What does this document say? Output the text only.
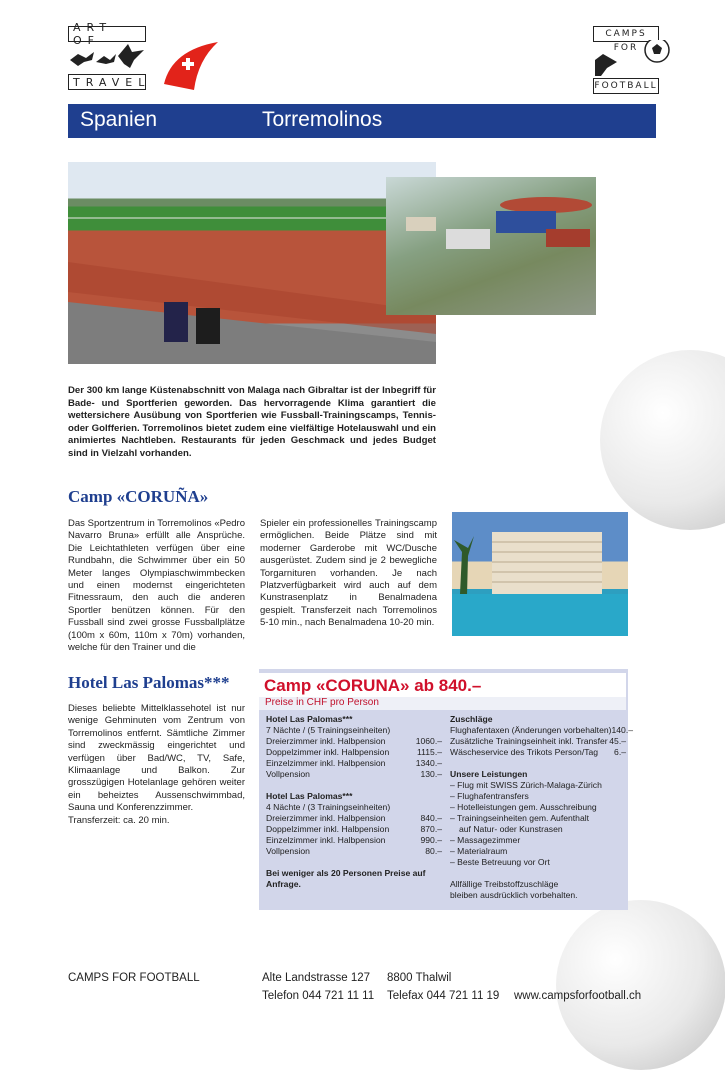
ART OF
TRAVEL
CAMPS FOR
FOOTBALL
Spanien	Torremolinos

Der 300 km lange Küstenabschnitt von Malaga nach Gibraltar ist der Inbegriff für Bade- und Sportferien geworden. Das hervorragende Klima garantiert die wettersichere Ausübung von Sportferien wie Fussball-Trainingscamps, Tennis- oder Golfferien. Torremolinos bietet zudem eine vielfältige Hotelauswahl und ein animiertes Nachtleben. Restaurants für jeden Geschmack und jedes Budget sind in Vielzahl vorhanden.

Camp «CORUÑA»

Das Sportzentrum in Torremolinos «Pedro Navarro Bruna» erfüllt alle Ansprüche. Die Leichtathleten verfügen über eine Rundbahn, die Schwimmer über ein 50 Meter langes Olympiaschwimmbecken und einen modernst eingerichteten Fitnessraum, den auch die anderen Sportler benützen können. Für den Fussball sind zwei grosse Fussballplätze (100m x 60m, 110m x 70m) vorhanden, welche für den Trainer und die

Spieler ein professionelles Trainingscamp ermöglichen. Beide Plätze sind mit moderner Garderobe mit WC/Dusche ausgerüstet. Zudem sind je 2 bewegliche Torgarnituren vorhanden. Je nach Platzverfügbarkeit wird auch auf dem Kunstrasenplatz in Benalmadena gespielt. Transferzeit nach Torremolinos 5-10 min., nach Benalmadena 10-20 min.

Hotel Las Palomas***

Dieses beliebte Mittelklassehotel ist nur wenige Gehminuten vom Zentrum von Torremolinos entfernt. Sämtliche Zimmer sind zweckmässig eingerichtet und verfügen über Bad/WC, TV, Safe, Klimaanlage und Balkon. Zur grosszügigen Hotelanlage gehören weiter ein beheiztes Aussenschwimmbad, Sauna und Konferenzzimmer.

Transferzeit: ca. 20 min.

Camp «CORUNA» ab 840.–
Preise in CHF pro Person
Hotel Las Palomas***
7 Nächte / (5 Trainingseinheiten)
Dreierzimmer inkl. Halbpension	1060.–
Doppelzimmer inkl. Halbpension	1115.–
Einzelzimmer inkl. Halbpension	1340.–
Vollpension	130.–
Hotel Las Palomas***
4 Nächte / (3 Trainingseinheiten)
Dreierzimmer inkl. Halbpension	840.–
Doppelzimmer inkl. Halbpension	870.–
Einzelzimmer inkl. Halbpension	990.–
Vollpension	80.–
Bei weniger als 20 Personen Preise auf
Anfrage.
Zuschläge
Flughafentaxen (Änderungen vorbehalten) 140.–
Zusätzliche Trainingseinheit inkl. Transfer 45.–
Wäscheservice des Trikots Person/Tag 6.–
Unsere Leistungen
– Flug mit SWISS Zürich-Malaga-Zürich
– Flughafentransfers
– Hotelleistungen gem. Ausschreibung
– Trainingseinheiten gem. Aufenthalt
auf Natur- oder Kunstrasen
– Massagezimmer
– Materialraum
– Beste Betreuung vor Ort
Allfällige Treibstoffzuschläge
bleiben ausdrücklich vorbehalten.
CAMPS FOR FOOTBALL	Alte Landstrasse 127 8800 Thalwil
Telefon 044 721 11 11 Telefax 044 721 11 19 www.campsforfootball.ch
